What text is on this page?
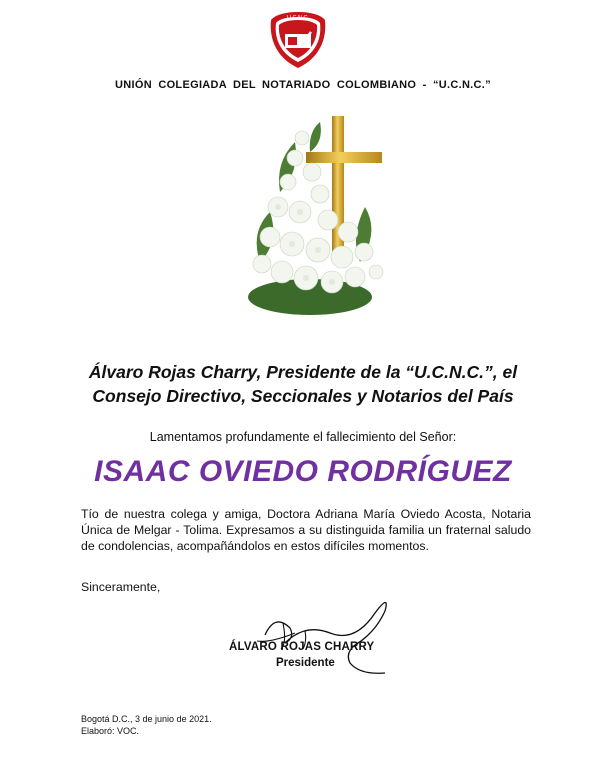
U.C.N.C.
UNIÓN COLEGIADA DEL NOTARIADO COLOMBIANO - “U.C.N.C.”
Álvaro Rojas Charry, Presidente de la “U.C.N.C.”, el
Consejo Directivo, Seccionales y Notarios del País
Lamentamos profundamente el fallecimiento del Señor:
ISAAC OVIEDO RODRÍGUEZ
Tío de nuestra colega y amiga, Doctora Adriana María Oviedo Acosta, Notaria Única de Melgar - Tolima. Expresamos a su distinguida familia un fraternal saludo de condolencias, acompañándolos en estos difíciles momentos.
Sinceramente,
ÁLVARO ROJAS CHARRY
Presidente
Bogotá D.C., 3 de junio de 2021.
Elaboró: VOC.
